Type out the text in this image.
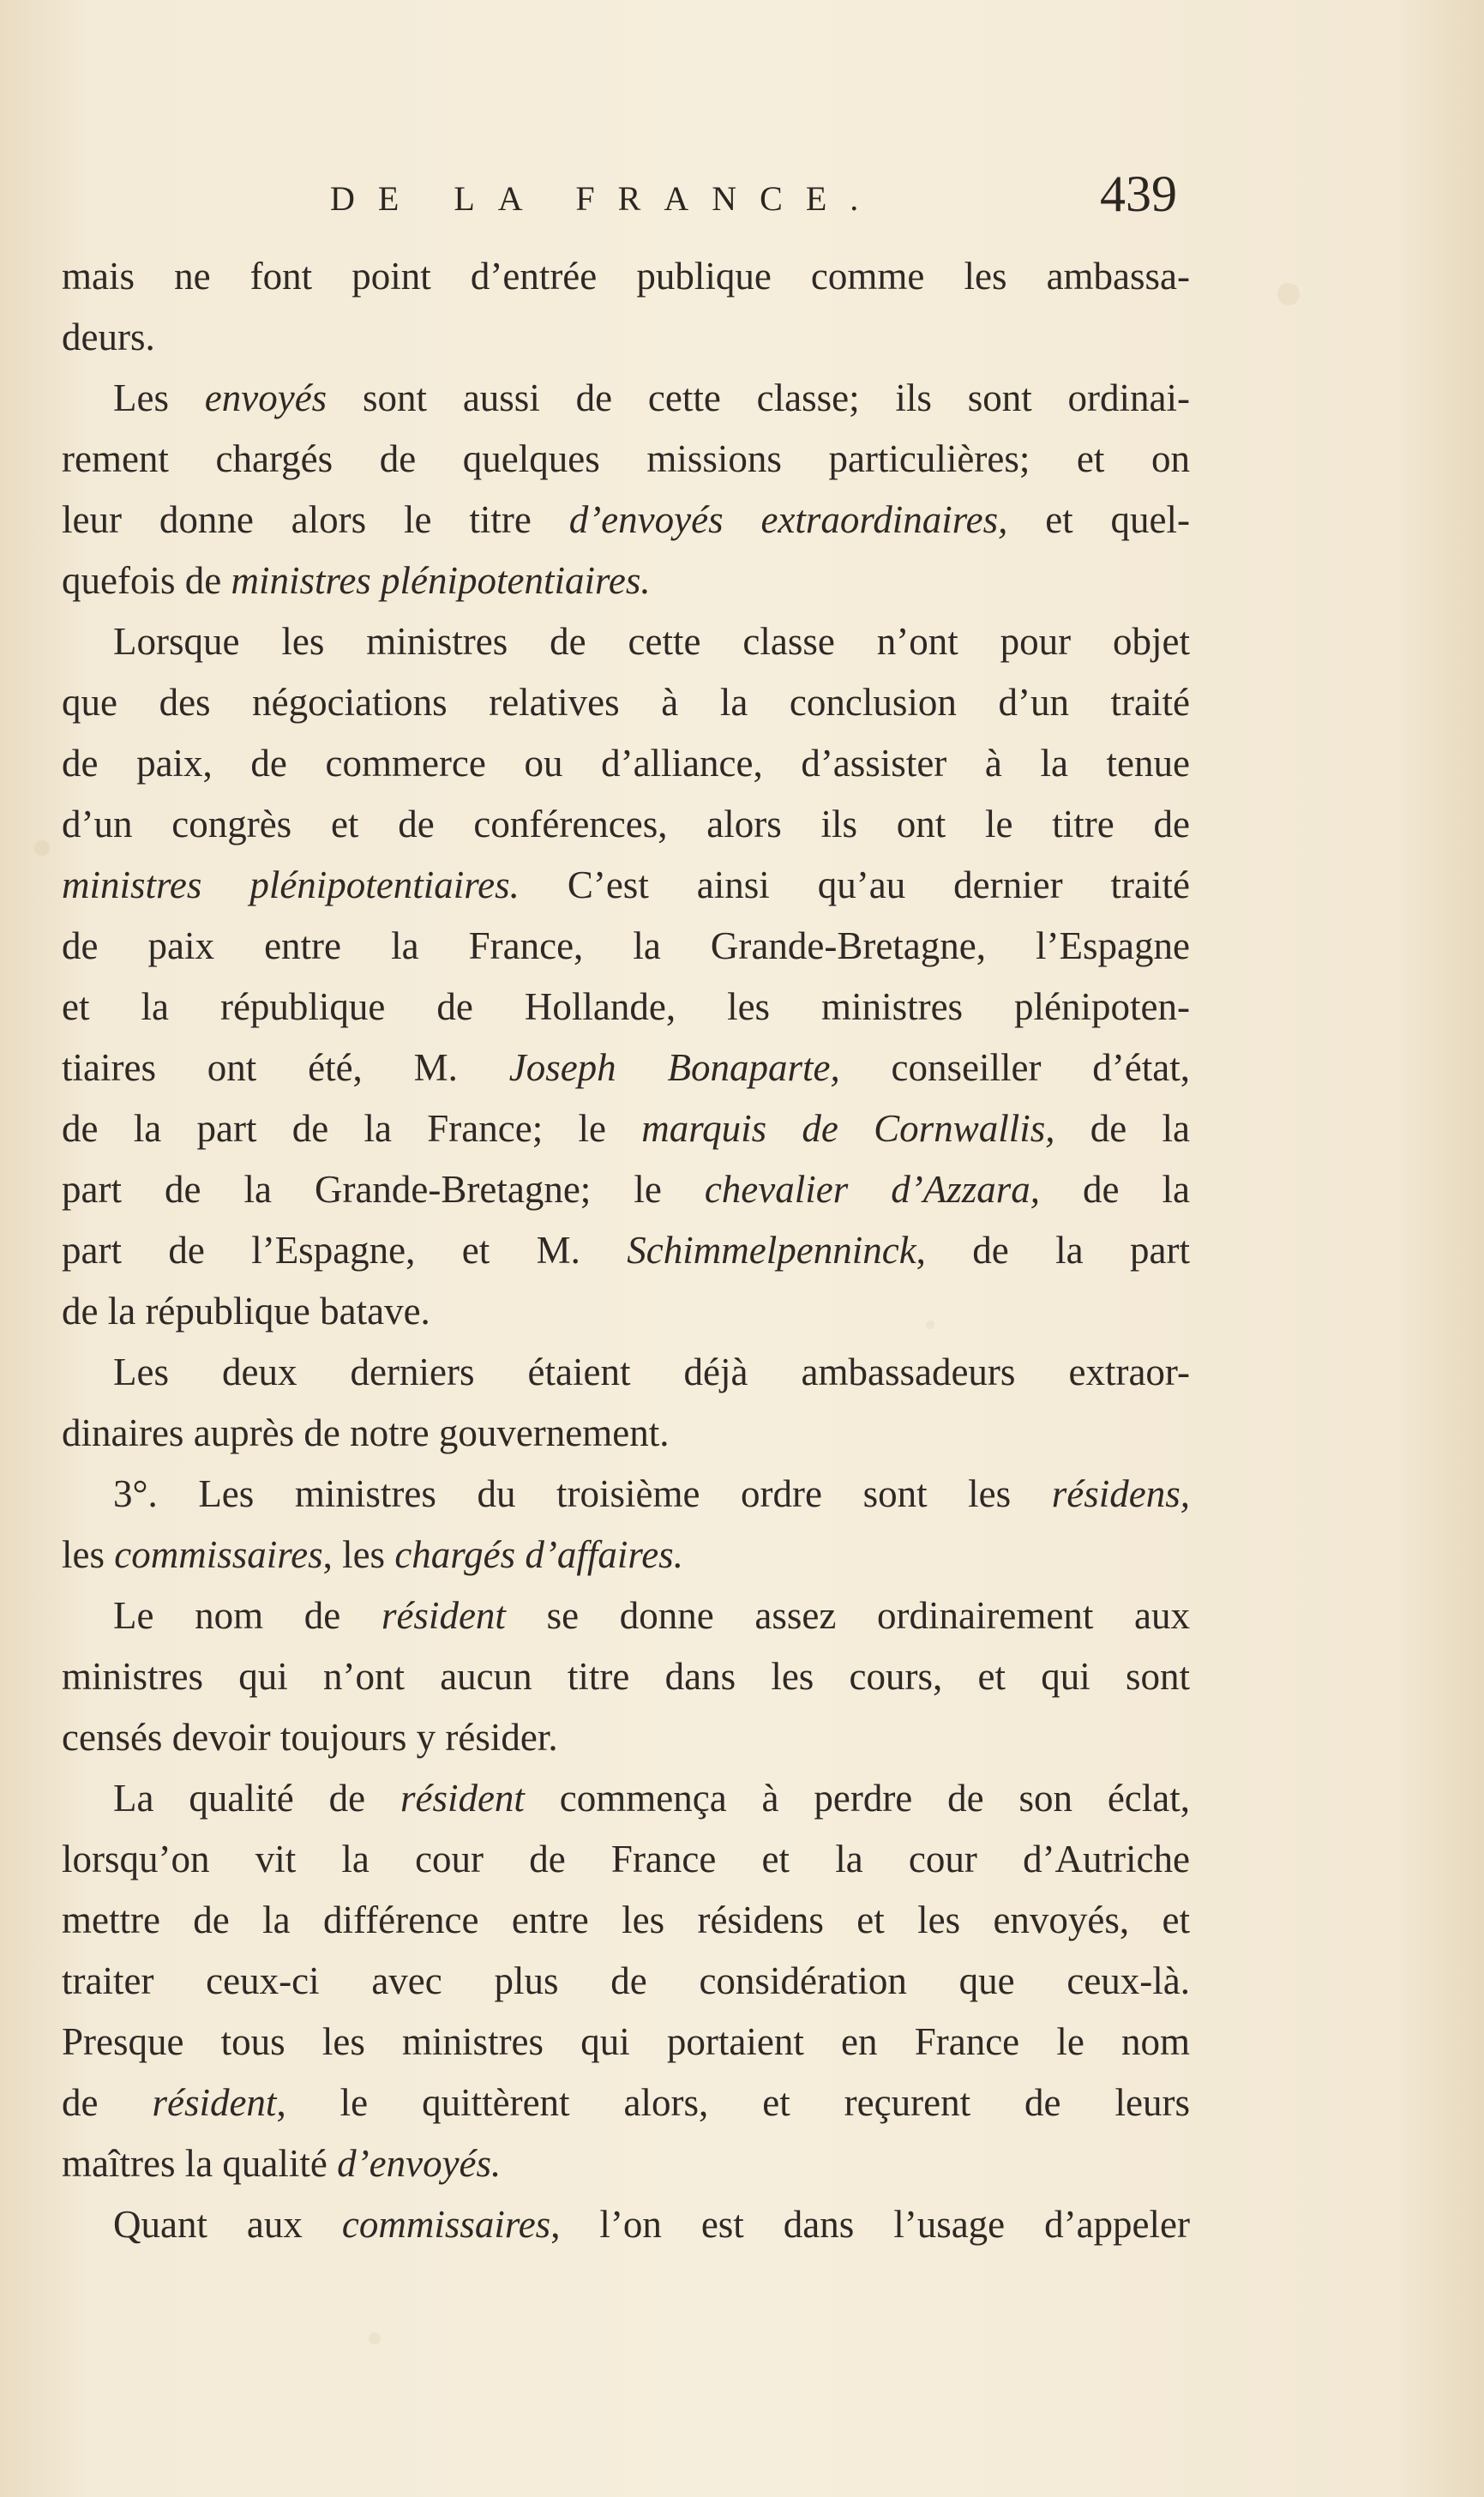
DE LA FRANCE.	439
mais ne font point d’entrée publique comme les ambassa-
deurs.
Les envoyés sont aussi de cette classe; ils sont ordinai-
rement chargés de quelques missions particulières; et on
leur donne alors le titre d’envoyés extraordinaires, et quel-
quefois de ministres plénipotentiaires.
Lorsque les ministres de cette classe n’ont pour objet
que des négociations relatives à la conclusion d’un traité
de paix, de commerce ou d’alliance, d’assister à la tenue
d’un congrès et de conférences, alors ils ont le titre de
ministres plénipotentiaires. C’est ainsi qu’au dernier traité
de paix entre la France, la Grande-Bretagne, l’Espagne
et la république de Hollande, les ministres plénipoten-
tiaires ont été, M. Joseph Bonaparte, conseiller d’état,
de la part de la France; le marquis de Cornwallis, de la
part de la Grande-Bretagne; le chevalier d’Azzara, de la
part de l’Espagne, et M. Schimmelpenninck, de la part
de la république batave.
Les deux derniers étaient déjà ambassadeurs extraor-
dinaires auprès de notre gouvernement.
3°. Les ministres du troisième ordre sont les résidens,
les commissaires, les chargés d’affaires.
Le nom de résident se donne assez ordinairement aux
ministres qui n’ont aucun titre dans les cours, et qui sont
censés devoir toujours y résider.
La qualité de résident commença à perdre de son éclat,
lorsqu’on vit la cour de France et la cour d’Autriche
mettre de la différence entre les résidens et les envoyés, et
traiter ceux-ci avec plus de considération que ceux-là.
Presque tous les ministres qui portaient en France le nom
de résident, le quittèrent alors, et reçurent de leurs
maîtres la qualité d’envoyés.
Quant aux commissaires, l’on est dans l’usage d’appeler
